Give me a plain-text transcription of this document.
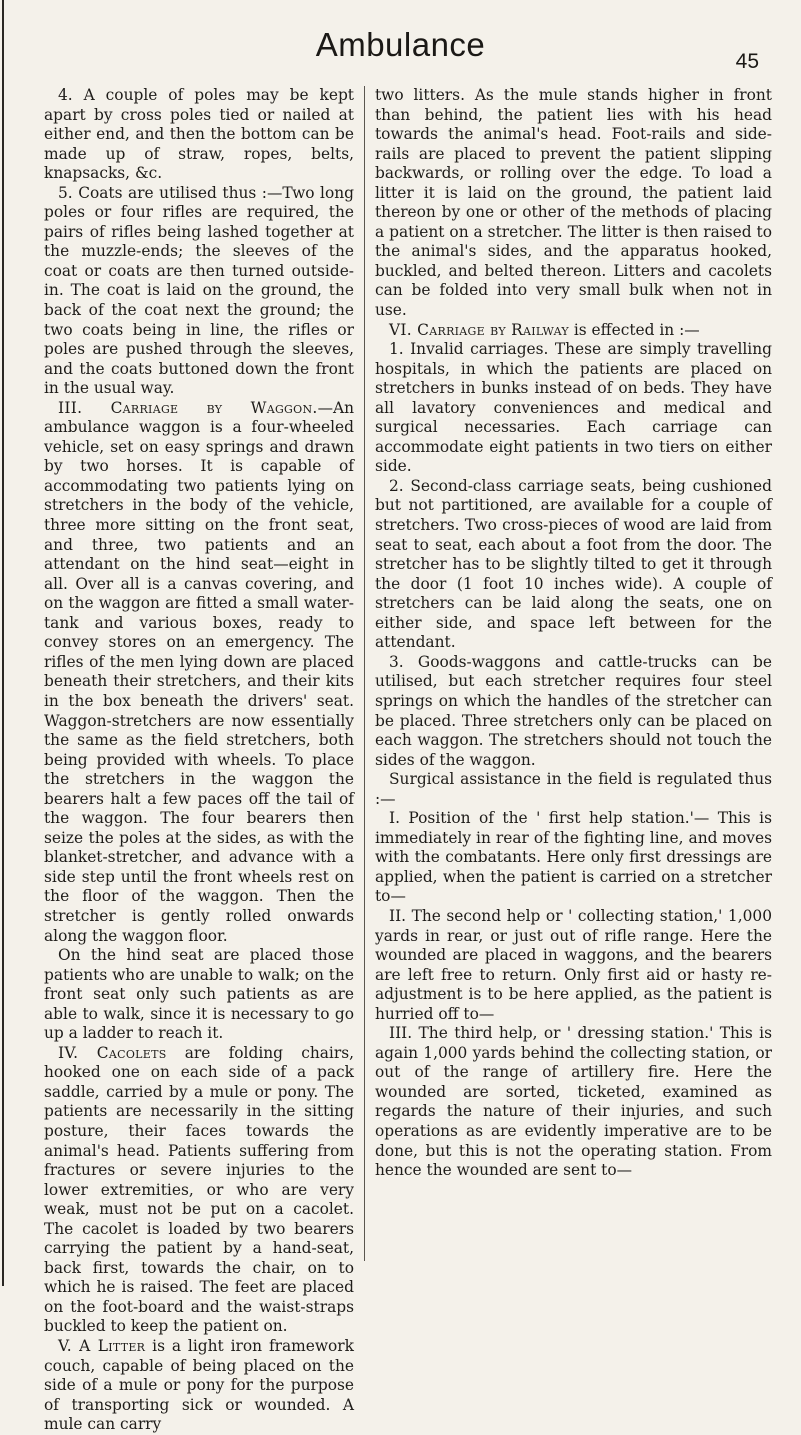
Ambulance	45

4. A couple of poles may be kept apart by cross poles tied or nailed at either end, and then the bottom can be made up of straw, ropes, belts, knapsacks, &c.

5. Coats are utilised thus :—Two long poles or four rifles are required, the pairs of rifles being lashed together at the muzzle-ends; the sleeves of the coat or coats are then turned outside-in. The coat is laid on the ground, the back of the coat next the ground; the two coats being in line, the rifles or poles are pushed through the sleeves, and the coats buttoned down the front in the usual way.

III. Carriage by Waggon.—An ambulance waggon is a four-wheeled vehicle, set on easy springs and drawn by two horses. It is capable of accommodating two patients lying on stretchers in the body of the vehicle, three more sitting on the front seat, and three, two patients and an attendant on the hind seat—eight in all. Over all is a canvas covering, and on the waggon are fitted a small water-tank and various boxes, ready to convey stores on an emergency. The rifles of the men lying down are placed beneath their stretchers, and their kits in the box beneath the drivers' seat. Waggon-stretchers are now essentially the same as the field stretchers, both being provided with wheels. To place the stretchers in the waggon the bearers halt a few paces off the tail of the waggon. The four bearers then seize the poles at the sides, as with the blanket-stretcher, and advance with a side step until the front wheels rest on the floor of the waggon. Then the stretcher is gently rolled onwards along the waggon floor.

On the hind seat are placed those patients who are unable to walk; on the front seat only such patients as are able to walk, since it is necessary to go up a ladder to reach it.

IV. Cacolets are folding chairs, hooked one on each side of a pack saddle, carried by a mule or pony. The patients are necessarily in the sitting posture, their faces towards the animal's head. Patients suffering from fractures or severe injuries to the lower extremities, or who are very weak, must not be put on a cacolet. The cacolet is loaded by two bearers carrying the patient by a hand-seat, back first, towards the chair, on to which he is raised. The feet are placed on the foot-board and the waist-straps buckled to keep the patient on.

V. A Litter is a light iron framework couch, capable of being placed on the side of a mule or pony for the purpose of transporting sick or wounded. A mule can carry

two litters. As the mule stands higher in front than behind, the patient lies with his head towards the animal's head. Foot-rails and side-rails are placed to prevent the patient slipping backwards, or rolling over the edge. To load a litter it is laid on the ground, the patient laid thereon by one or other of the methods of placing a patient on a stretcher. The litter is then raised to the animal's sides, and the apparatus hooked, buckled, and belted thereon. Litters and cacolets can be folded into very small bulk when not in use.

VI. Carriage by Railway is effected in :—

1. Invalid carriages. These are simply travelling hospitals, in which the patients are placed on stretchers in bunks instead of on beds. They have all lavatory conveniences and medical and surgical necessaries. Each carriage can accommodate eight patients in two tiers on either side.

2. Second-class carriage seats, being cushioned but not partitioned, are available for a couple of stretchers. Two cross-pieces of wood are laid from seat to seat, each about a foot from the door. The stretcher has to be slightly tilted to get it through the door (1 foot 10 inches wide). A couple of stretchers can be laid along the seats, one on either side, and space left between for the attendant.

3. Goods-waggons and cattle-trucks can be utilised, but each stretcher requires four steel springs on which the handles of the stretcher can be placed. Three stretchers only can be placed on each waggon. The stretchers should not touch the sides of the waggon.

Surgical assistance in the field is regulated thus :—

I. Position of the ' first help station.'— This is immediately in rear of the fighting line, and moves with the combatants. Here only first dressings are applied, when the patient is carried on a stretcher to—

II. The second help or ' collecting station,' 1,000 yards in rear, or just out of rifle range. Here the wounded are placed in waggons, and the bearers are left free to return. Only first aid or hasty re-adjustment is to be here applied, as the patient is hurried off to—

III. The third help, or ' dressing station.' This is again 1,000 yards behind the collecting station, or out of the range of artillery fire. Here the wounded are sorted, ticketed, examined as regards the nature of their injuries, and such operations as are evidently imperative are to be done, but this is not the operating station. From hence the wounded are sent to—
